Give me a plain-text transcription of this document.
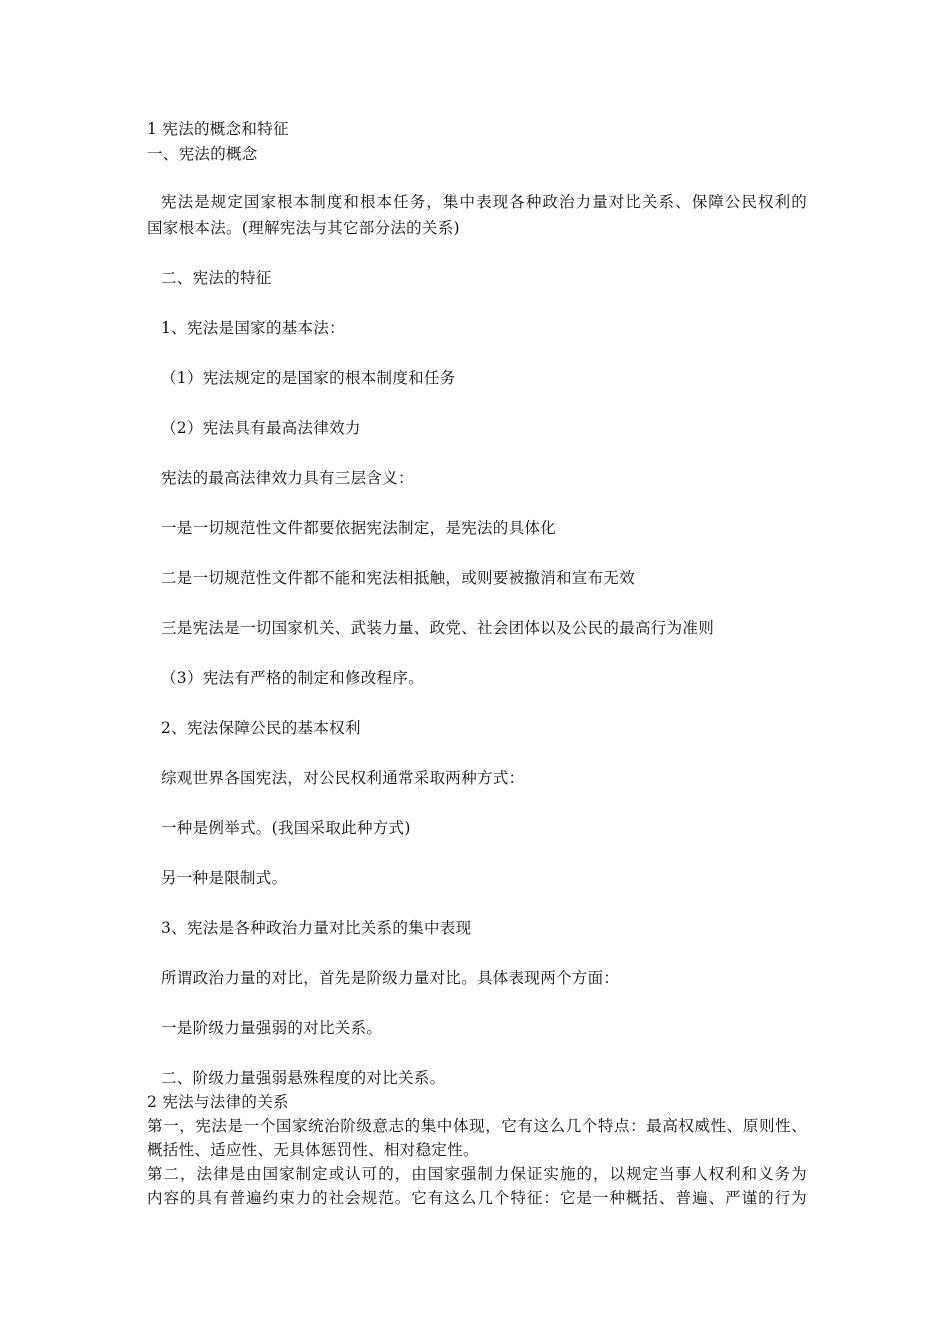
1 宪法的概念和特征
一、宪法的概念
宪法是规定国家根本制度和根本任务，集中表现各种政治力量对比关系、保障公民权利的
国家根本法。(理解宪法与其它部分法的关系)
二、宪法的特征
1、宪法是国家的基本法：
（1）宪法规定的是国家的根本制度和任务
（2）宪法具有最高法律效力
宪法的最高法律效力具有三层含义：
一是一切规范性文件都要依据宪法制定，是宪法的具体化
二是一切规范性文件都不能和宪法相抵触，或则要被撤消和宣布无效
三是宪法是一切国家机关、武装力量、政党、社会团体以及公民的最高行为准则
（3）宪法有严格的制定和修改程序。
2、宪法保障公民的基本权利
综观世界各国宪法，对公民权利通常采取两种方式：
一种是例举式。(我国采取此种方式)
另一种是限制式。
3、宪法是各种政治力量对比关系的集中表现
所谓政治力量的对比，首先是阶级力量对比。具体表现两个方面：
一是阶级力量强弱的对比关系。
二、阶级力量强弱悬殊程度的对比关系。
2 宪法与法律的关系
第一，宪法是一个国家统治阶级意志的集中体现，它有这么几个特点：最高权威性、原则性、
概括性、适应性、无具体惩罚性、相对稳定性。
第二，法律是由国家制定或认可的，由国家强制力保证实施的，以规定当事人权利和义务为
内容的具有普遍约束力的社会规范。它有这么几个特征：它是一种概括、普遍、严谨的行为
